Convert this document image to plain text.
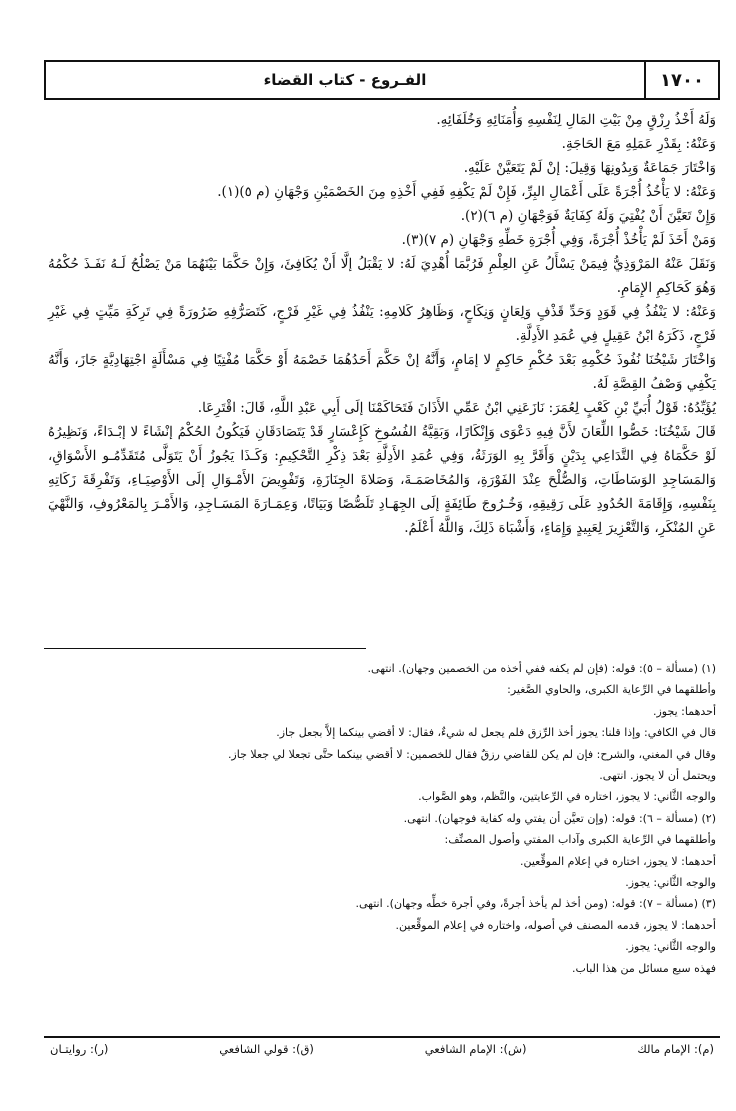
١٧٠٠
الفـروع - كتاب القضاء

وَلَهُ أَخْذُ رِزْقٍ مِنْ بَيْتِ المَالِ لِنَفْسِهِ وَأُمَنَائِهِ وَخُلَفَائِهِ.

وَعَنْهُ: بِقَدْرِ عَمَلِهِ مَعَ الحَاجَةِ.

وَاخْتَارَ جَمَاعَةٌ وَبِدُونِهَا وَقِيلَ: إنْ لَمْ يَتَعَيَّنْ عَلَيْهِ.

وَعَنْهُ: لا يَأْخُذُ أُجْرَةً عَلَى أَعْمَالِ البِرِّ، فَإِنْ لَمْ يَكْفِهِ فَفِي أَخْذِهِ مِنَ الخَصْمَيْنِ وَجْهَانِ (م ٥)(١).

وَإِنْ تَعَيَّنَ أَنْ يُفْتِيَ وَلَهُ كِفَايَةٌ فَوَجْهَانِ (م ٦)(٢).

وَمَنْ أَخَذَ لَمْ يَأْخُذْ أُجْرَةً، وَفِي أُجْرَةِ خَطِّهِ وَجْهَانِ (م ٧)(٣).

وَنَقَلَ عَنْهُ المَرْوَذِيُّ فِيمَنْ يَسْأَلُ عَنِ العِلْمِ فَرُبَّمَا أُهْدِيَ لَهُ: لا يَقْبَلُ إلَّا أَنْ يُكَافِئَ، وَإِنْ حَكَّمَا بَيْنَهُمَا مَنْ يَصْلُحُ لَـهُ نَفَـذَ حُكْمُهُ وَهُوَ كَحَاكِمِ الإِمَامِ.

وَعَنْهُ: لا يَنْفُذُ فِي قَوَدٍ وَحَدِّ قَذْفٍ وَلِعَانٍ وَنِكَاحٍ، وَظَاهِرُ كَلامِهِ: يَنْفُذُ فِي غَيْرِ فَرْجٍ، كَتَصَرُّفِهِ ضَرُورَةً فِي تَرِكَةِ مَيِّتٍ فِي غَيْرِ فَرْجٍ، ذَكَرَهُ ابْنُ عَقِيلٍ فِي عُمَدِ الأَدِلَّةِ.

وَاخْتَارَ شَيْخُنَا نُفُوذَ حُكْمِهِ بَعْدَ حُكْمِ حَاكِمٍ لا إمَامٍ، وَأَنَّهُ إنْ حَكَّمَ أَحَدُهُمَا خَصْمَهُ أَوْ حَكَّمَا مُفْتِيًا فِي مَسْأَلَةٍ اجْتِهَادِيَّةٍ جَازَ، وَأَنَّهُ يَكْفِي وَصْفُ القِصَّةِ لَهُ.

يُؤَيِّدُهُ: قَوْلُ أُبَيِّ بْنِ كَعْبٍ لِعُمَرَ: نَازَعَنِي ابْنُ عَمِّي الأَذَانَ فَتَحَاكَمْنَا إلَى أَبِي عَبْدِ اللَّهِ، قَالَ: اقْتَرِعَا.

قَالَ شَيْخُنَا: خَصُّوا اللِّعَانَ لأَنَّ فِيهِ دَعْوَى وَإِنْكَارًا، وَبَقِيَّةُ الفُسُوخِ كَإِعْسَارٍ قَدْ يَتَصَادَقَانِ فَيَكُونُ الحُكْمُ إنْشَاءً لا إبْـدَاءً، وَنَظِيرُهُ لَوْ حَكَّمَاهُ فِي التَّدَاعِي بِدَيْنٍ وَأَقَرَّ بِهِ الوَرَثَةُ، وَفِي عُمَدِ الأَدِلَّةِ بَعْدَ ذِكْرِ التَّحْكِيمِ: وَكَـذَا يَجُوزُ أَنْ يَتَوَلَّى مُتَقَدِّمُـو الأَسْوَاقِ، وَالمَسَاجِدِ الوَسَاطَاتِ، وَالصُّلْحَ عِنْدَ الفَوْرَةِ، وَالمُخَاصَمَـةَ، وَصَلاةَ الجِنَازَةِ، وَتَفْوِيضَ الأَمْـوَالِ إلَى الأَوْصِيَـاءِ، وَتَفْرِقَةَ زَكَاتِهِ بِنَفْسِهِ، وَإِقَامَةَ الحُدُودِ عَلَى رَقِيقِهِ، وَخُـرُوجَ طَائِفَةٍ إلَى الجِهَـادِ تَلَصُّصًا وَبَيَاتًا، وَعِمَـارَةَ المَسَـاجِدِ، وَالأَمْـرَ بِالمَعْرُوفِ، وَالنَّهْيَ عَنِ المُنْكَرِ، وَالتَّعْزِيرَ لِعَبِيدٍ وَإِمَاءٍ، وَأَشْبَاهَ ذَلِكَ، وَاللَّهُ أَعْلَمُ.

(١) (مسألة – ٥): قوله: (فإن لم يكفه ففي أخذه من الخصمين وجهان). انتهى.

وأطلقهما في الرِّعاية الكبرى، والحاوي الصَّغير:

أحدهما: يجوز.

قال في الكافي: وإذا قلنا: يجوز أخذ الرِّزق فلم يجعل له شيءٌ، فقال: لا أقضي بينكما إلاَّ بجعل جاز.

وقال في المغني، والشرح: فإن لم يكن للقاضي رزقٌ فقال للخصمين: لا أقضي بينكما حتَّى تجعلا لي جعلا جاز.

ويحتمل أن لا يجوز. انتهى.

والوجه الثَّاني: لا يجوز، اختاره في الرِّعايتين، والنَّظم، وهو الصَّواب.

(٢) (مسألة – ٦): قوله: (وإن تعيَّن أن يفتي وله كفاية فوجهان). انتهى.

وأطلقهما في الرِّعاية الكبرى وآداب المفتي وأصول المصنِّف:

أحدهما: لا يجوز، اختاره في إعلام الموقِّعين.

والوجه الثَّاني: يجوز.

(٣) (مسألة – ٧): قوله: (ومن أخذ لم يأخذ أجرةً، وفي أجرة خطِّه وجهان). انتهى.

أحدهما: لا يجوز، قدمه المصنف في أصوله، واختاره في إعلام الموقِّعين.

والوجه الثَّاني: يجوز.

فهذه سبع مسائل من هذا الباب.

(م): الإمام مالك
(ش): الإمام الشافعي
(ق): قولي الشافعي
(ر): روايتـان
